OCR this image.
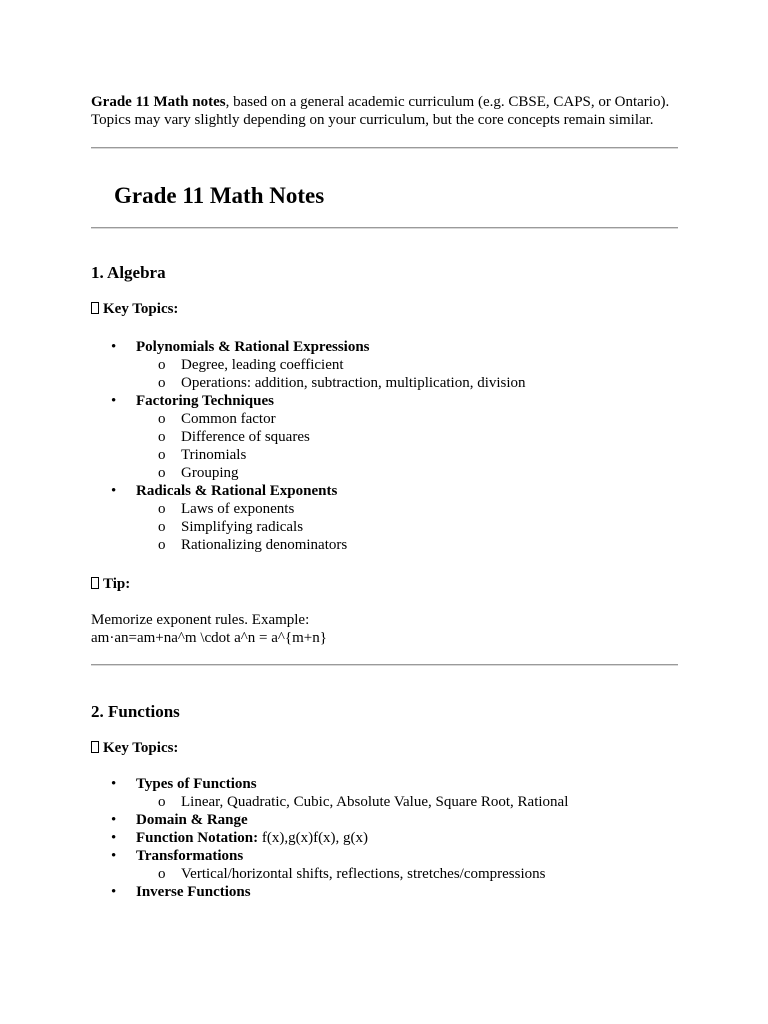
Grade 11 Math notes, based on a general academic curriculum (e.g. CBSE, CAPS, or Ontario).

Topics may vary slightly depending on your curriculum, but the core concepts remain similar.

Grade 11 Math Notes
1. Algebra

Key Topics:

• Polynomials & Rational Expressions
o Degree, leading coefficient
o Operations: addition, subtraction, multiplication, division
• Factoring Techniques
o Common factor
o Difference of squares
o Trinomials
o Grouping
• Radicals & Rational Exponents
o Laws of exponents
o Simplifying radicals
o Rationalizing denominators

Tip:

Memorize exponent rules. Example:

am·an=am+na^m \cdot a^n = a^{m+n}

2. Functions

Key Topics:

• Types of Functions
o Linear, Quadratic, Cubic, Absolute Value, Square Root, Rational
• Domain & Range
• Function Notation: f(x),g(x)f(x), g(x)
• Transformations
o Vertical/horizontal shifts, reflections, stretches/compressions
• Inverse Functions
